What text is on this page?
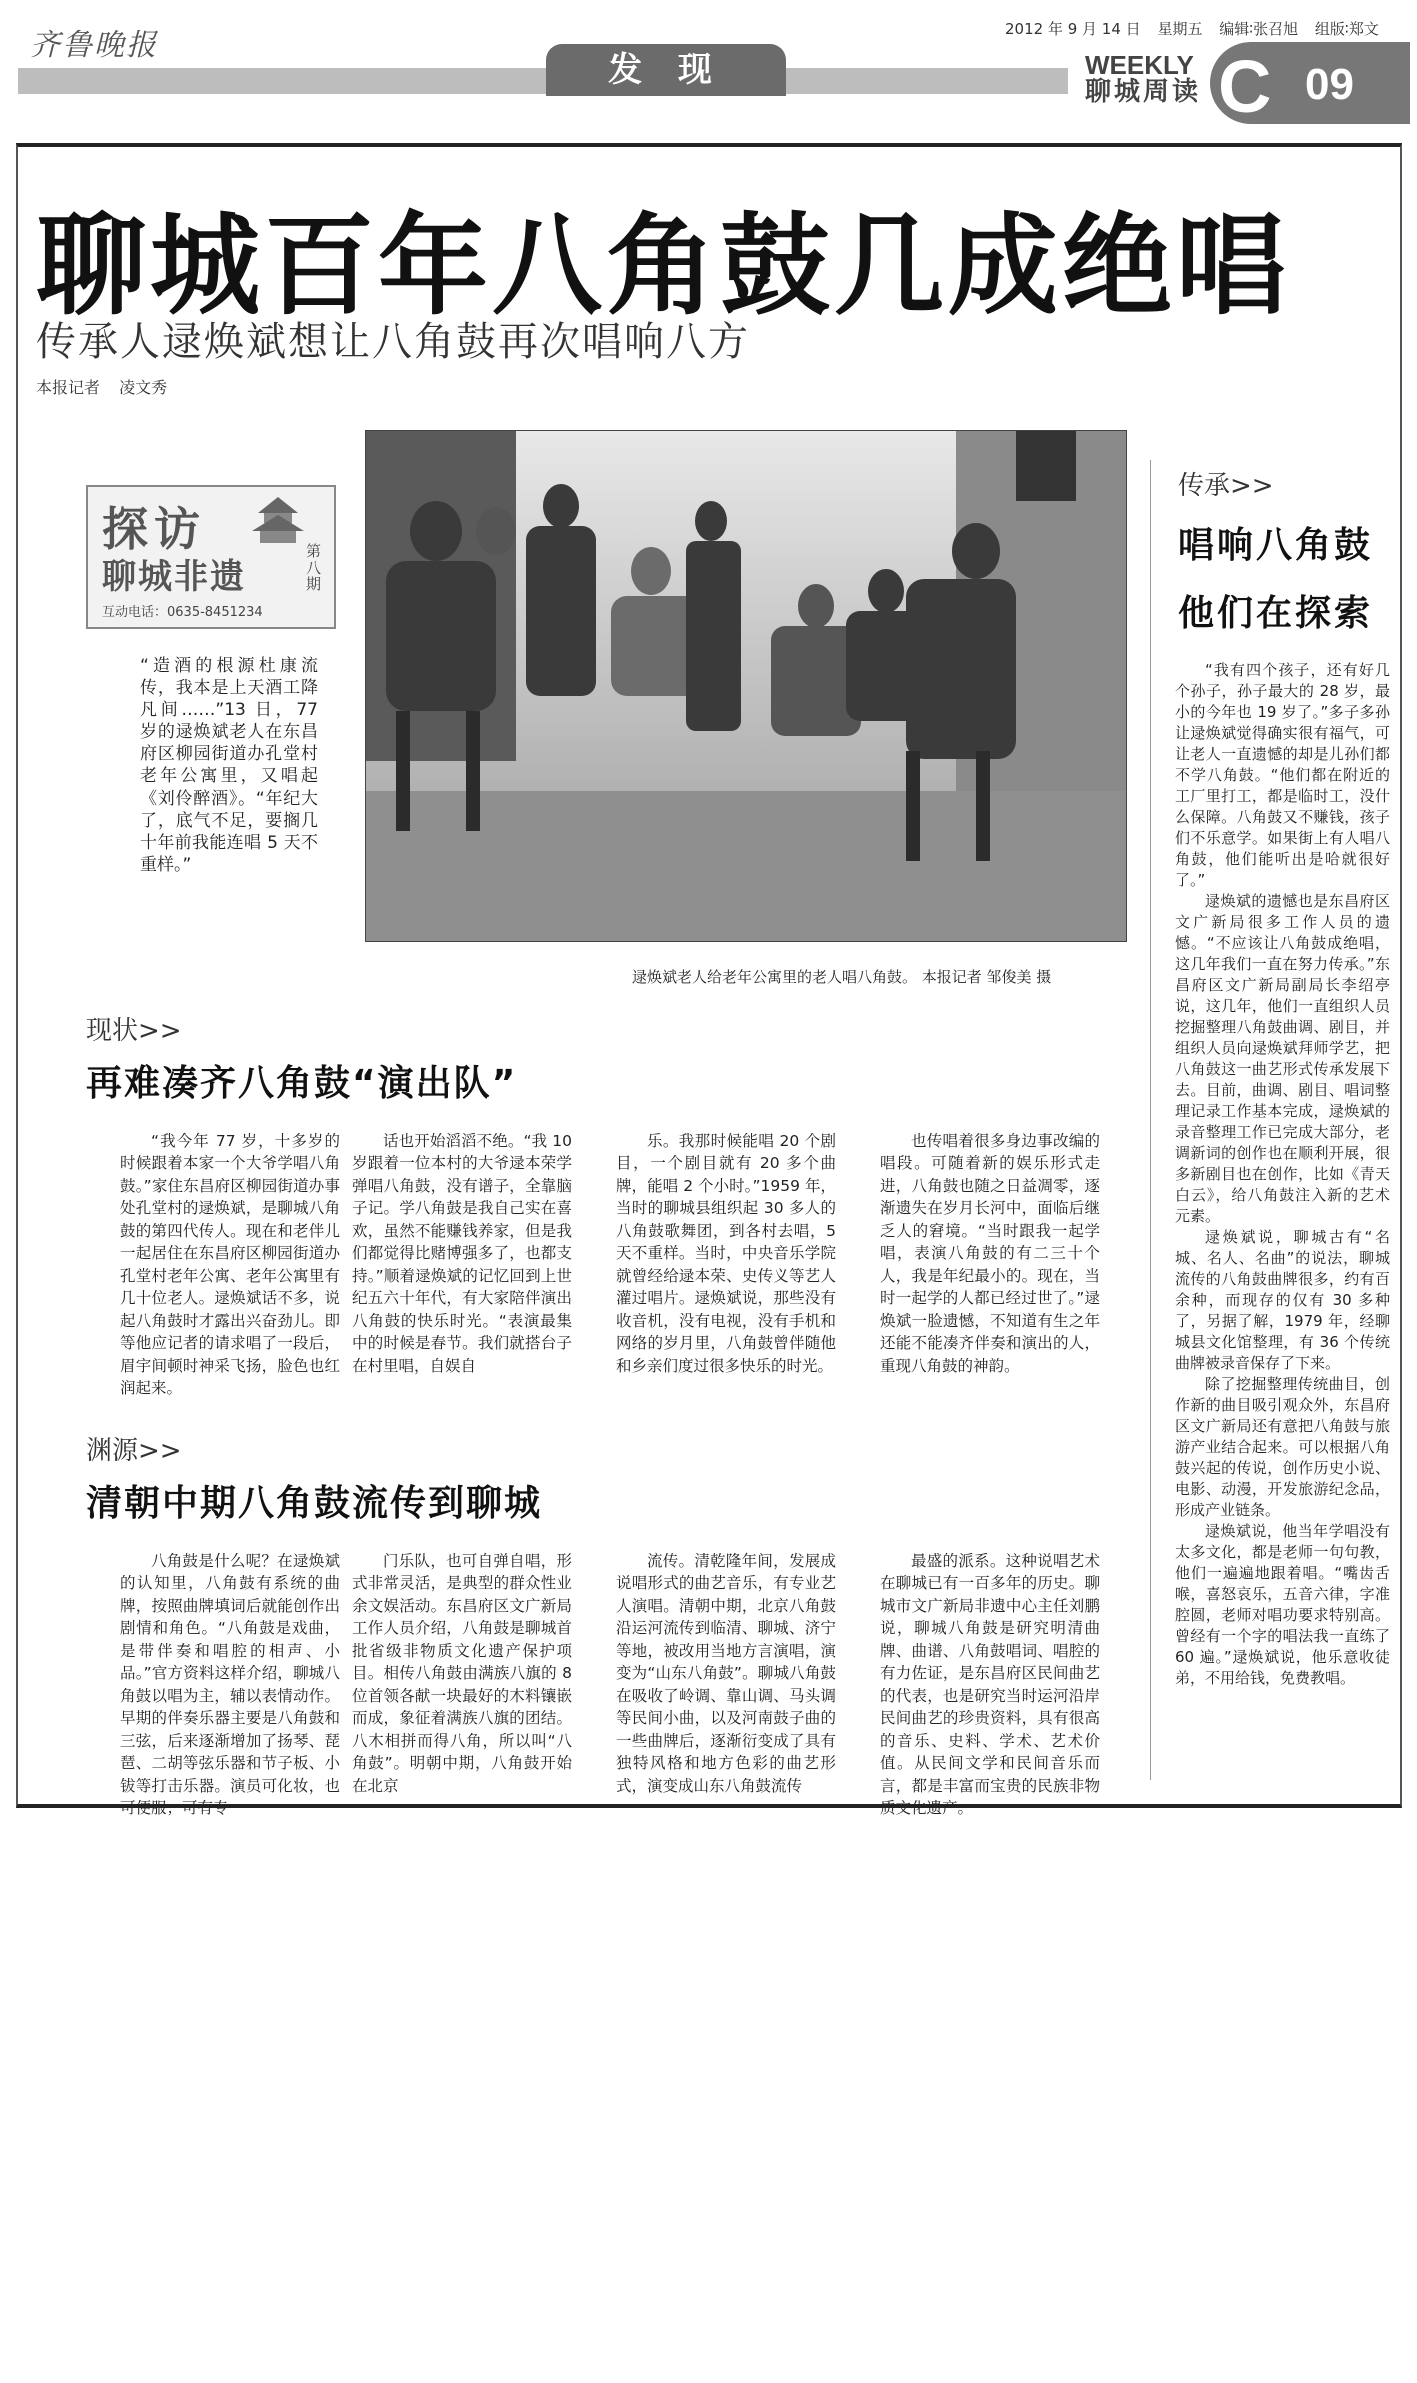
齐鲁晚报	2012 年 9 月 14 日 星期五 编辑∶张召旭 组版∶郑文
发 现	WEEKLY
聊城周读 C 09
聊城百年八角鼓几成绝唱
传承人逯焕斌想让八角鼓再次唱响八方
本报记者 凌文秀
探访
聊城非遗
互动电话：0635-8451234
第八期
“造酒的根源杜康流传，我本是上天酒工降凡间……”13 日，77 岁的逯焕斌老人在东昌府区柳园街道办孔堂村老年公寓里，又唱起《刘伶醉酒》。“年纪大了，底气不足，要搁几十年前我能连唱 5 天不重样。”
逯焕斌老人给老年公寓里的老人唱八角鼓。 本报记者 邹俊美 摄
现状>>
再难凑齐八角鼓“演出队”
“我今年 77 岁，十多岁的时候跟着本家一个大爷学唱八角鼓。”家住东昌府区柳园街道办事处孔堂村的逯焕斌，是聊城八角鼓的第四代传人。现在和老伴儿一起居住在东昌府区柳园街道办孔堂村老年公寓、老年公寓里有几十位老人。逯焕斌话不多，说起八角鼓时才露出兴奋劲儿。即等他应记者的请求唱了一段后，眉宇间顿时神采飞扬，脸色也红润起来。
话也开始滔滔不绝。“我 10 岁跟着一位本村的大爷逯本荣学弹唱八角鼓，没有谱子，全靠脑子记。学八角鼓是我自己实在喜欢，虽然不能赚钱养家，但是我们都觉得比赌博强多了，也都支持。”顺着逯焕斌的记忆回到上世纪五六十年代，有大家陪伴演出八角鼓的快乐时光。“表演最集中的时候是春节。我们就搭台子在村里唱，自娱自
乐。我那时候能唱 20 个剧目，一个剧目就有 20 多个曲牌，能唱 2 个小时。”1959 年，当时的聊城县组织起 30 多人的八角鼓歌舞团，到各村去唱，5 天不重样。当时，中央音乐学院就曾经给逯本荣、史传义等艺人灌过唱片。逯焕斌说，那些没有收音机，没有电视，没有手机和网络的岁月里，八角鼓曾伴随他和乡亲们度过很多快乐的时光。
也传唱着很多身边事改编的唱段。可随着新的娱乐形式走进，八角鼓也随之日益凋零，逐渐遗失在岁月长河中，面临后继乏人的窘境。“当时跟我一起学唱，表演八角鼓的有二三十个人，我是年纪最小的。现在，当时一起学的人都已经过世了。”逯焕斌一脸遗憾，不知道有生之年还能不能凑齐伴奏和演出的人，重现八角鼓的神韵。
渊源>>
清朝中期八角鼓流传到聊城
八角鼓是什么呢？在逯焕斌的认知里，八角鼓有系统的曲牌，按照曲牌填词后就能创作出剧情和角色。“八角鼓是戏曲，是带伴奏和唱腔的相声、小品。”官方资料这样介绍，聊城八角鼓以唱为主，辅以表情动作。早期的伴奏乐器主要是八角鼓和三弦，后来逐渐增加了扬琴、琵琶、二胡等弦乐器和节子板、小钹等打击乐器。演员可化妆，也可便服；可有专
门乐队，也可自弹自唱，形式非常灵活，是典型的群众性业余文娱活动。东昌府区文广新局工作人员介绍，八角鼓是聊城首批省级非物质文化遗产保护项目。相传八角鼓由满族八旗的 8 位首领各献一块最好的木料镶嵌而成，象征着满族八旗的团结。八木相拼而得八角，所以叫“八角鼓”。明朝中期，八角鼓开始在北京
流传。清乾隆年间，发展成说唱形式的曲艺音乐，有专业艺人演唱。清朝中期，北京八角鼓沿运河流传到临清、聊城、济宁等地，被改用当地方言演唱，演变为“山东八角鼓”。聊城八角鼓在吸收了岭调、靠山调、马头调等民间小曲，以及河南鼓子曲的一些曲牌后，逐渐衍变成了具有独特风格和地方色彩的曲艺形式，演变成山东八角鼓流传
最盛的派系。这种说唱艺术在聊城已有一百多年的历史。聊城市文广新局非遗中心主任刘鹏说，聊城八角鼓是研究明清曲牌、曲谱、八角鼓唱词、唱腔的有力佐证，是东昌府区民间曲艺的代表，也是研究当时运河沿岸民间曲艺的珍贵资料，具有很高的音乐、史料、学术、艺术价值。从民间文学和民间音乐而言，都是丰富而宝贵的民族非物质文化遗产。
传承>>
唱响八角鼓
他们在探索

“我有四个孩子，还有好几个孙子，孙子最大的 28 岁，最小的今年也 19 岁了。”多子多孙让逯焕斌觉得确实很有福气，可让老人一直遗憾的却是儿孙们都不学八角鼓。“他们都在附近的工厂里打工，都是临时工，没什么保障。八角鼓又不赚钱，孩子们不乐意学。如果街上有人唱八角鼓，他们能听出是哈就很好了。”

逯焕斌的遗憾也是东昌府区文广新局很多工作人员的遗憾。“不应该让八角鼓成绝唱，这几年我们一直在努力传承。”东昌府区文广新局副局长李绍亭说，这几年，他们一直组织人员挖掘整理八角鼓曲调、剧目，并组织人员向逯焕斌拜师学艺，把八角鼓这一曲艺形式传承发展下去。目前，曲调、剧目、唱词整理记录工作基本完成，逯焕斌的录音整理工作已完成大部分，老调新词的创作也在顺利开展，很多新剧目也在创作，比如《青天白云》，给八角鼓注入新的艺术元素。

逯焕斌说，聊城古有“名城、名人、名曲”的说法，聊城流传的八角鼓曲牌很多，约有百余种，而现存的仅有 30 多种了，另据了解，1979 年，经聊城县文化馆整理，有 36 个传统曲牌被录音保存了下来。

除了挖掘整理传统曲目，创作新的曲目吸引观众外，东昌府区文广新局还有意把八角鼓与旅游产业结合起来。可以根据八角鼓兴起的传说，创作历史小说、电影、动漫，开发旅游纪念品，形成产业链条。

逯焕斌说，他当年学唱没有太多文化，都是老师一句句教，他们一遍遍地跟着唱。“嘴齿舌喉，喜怒哀乐，五音六律，字准腔圆，老师对唱功要求特别高。曾经有一个字的唱法我一直练了 60 遍。”逯焕斌说，他乐意收徒弟，不用给钱，免费教唱。
